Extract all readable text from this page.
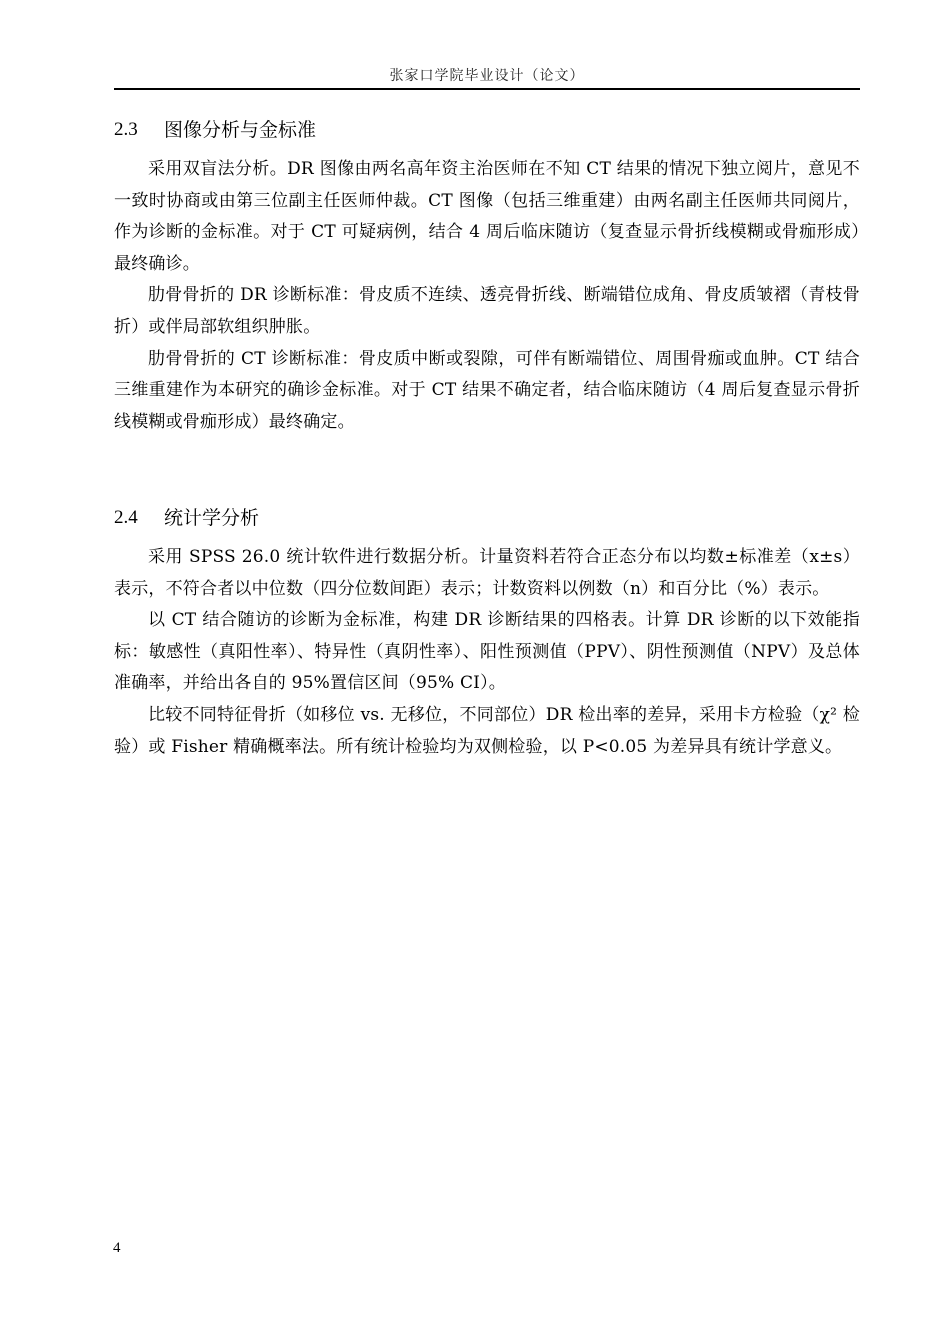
张家口学院毕业设计（论文）
2.3	图像分析与金标准

采用双盲法分析。DR 图像由两名高年资主治医师在不知 CT 结果的情况下独立阅片，意见不一致时协商或由第三位副主任医师仲裁。CT 图像（包括三维重建）由两名副主任医师共同阅片，作为诊断的金标准。对于 CT 可疑病例，结合 4 周后临床随访（复查显示骨折线模糊或骨痂形成）最终确诊。

肋骨骨折的 DR 诊断标准：骨皮质不连续、透亮骨折线、断端错位成角、骨皮质皱褶（青枝骨折）或伴局部软组织肿胀。

肋骨骨折的 CT 诊断标准：骨皮质中断或裂隙，可伴有断端错位、周围骨痂或血肿。CT 结合三维重建作为本研究的确诊金标准。对于 CT 结果不确定者，结合临床随访（4 周后复查显示骨折线模糊或骨痂形成）最终确定。

2.4	统计学分析

采用 SPSS 26.0 统计软件进行数据分析。计量资料若符合正态分布以均数±标准差（x±s）表示，不符合者以中位数（四分位数间距）表示；计数资料以例数（n）和百分比（%）表示。

以 CT 结合随访的诊断为金标准，构建 DR 诊断结果的四格表。计算 DR 诊断的以下效能指标：敏感性（真阳性率）、特异性（真阴性率）、阳性预测值（PPV）、阴性预测值（NPV）及总体准确率，并给出各自的 95%置信区间（95% CI）。

比较不同特征骨折（如移位 vs. 无移位，不同部位）DR 检出率的差异，采用卡方检验（χ² 检验）或 Fisher 精确概率法。所有统计检验均为双侧检验，以 P<0.05 为差异具有统计学意义。

4
